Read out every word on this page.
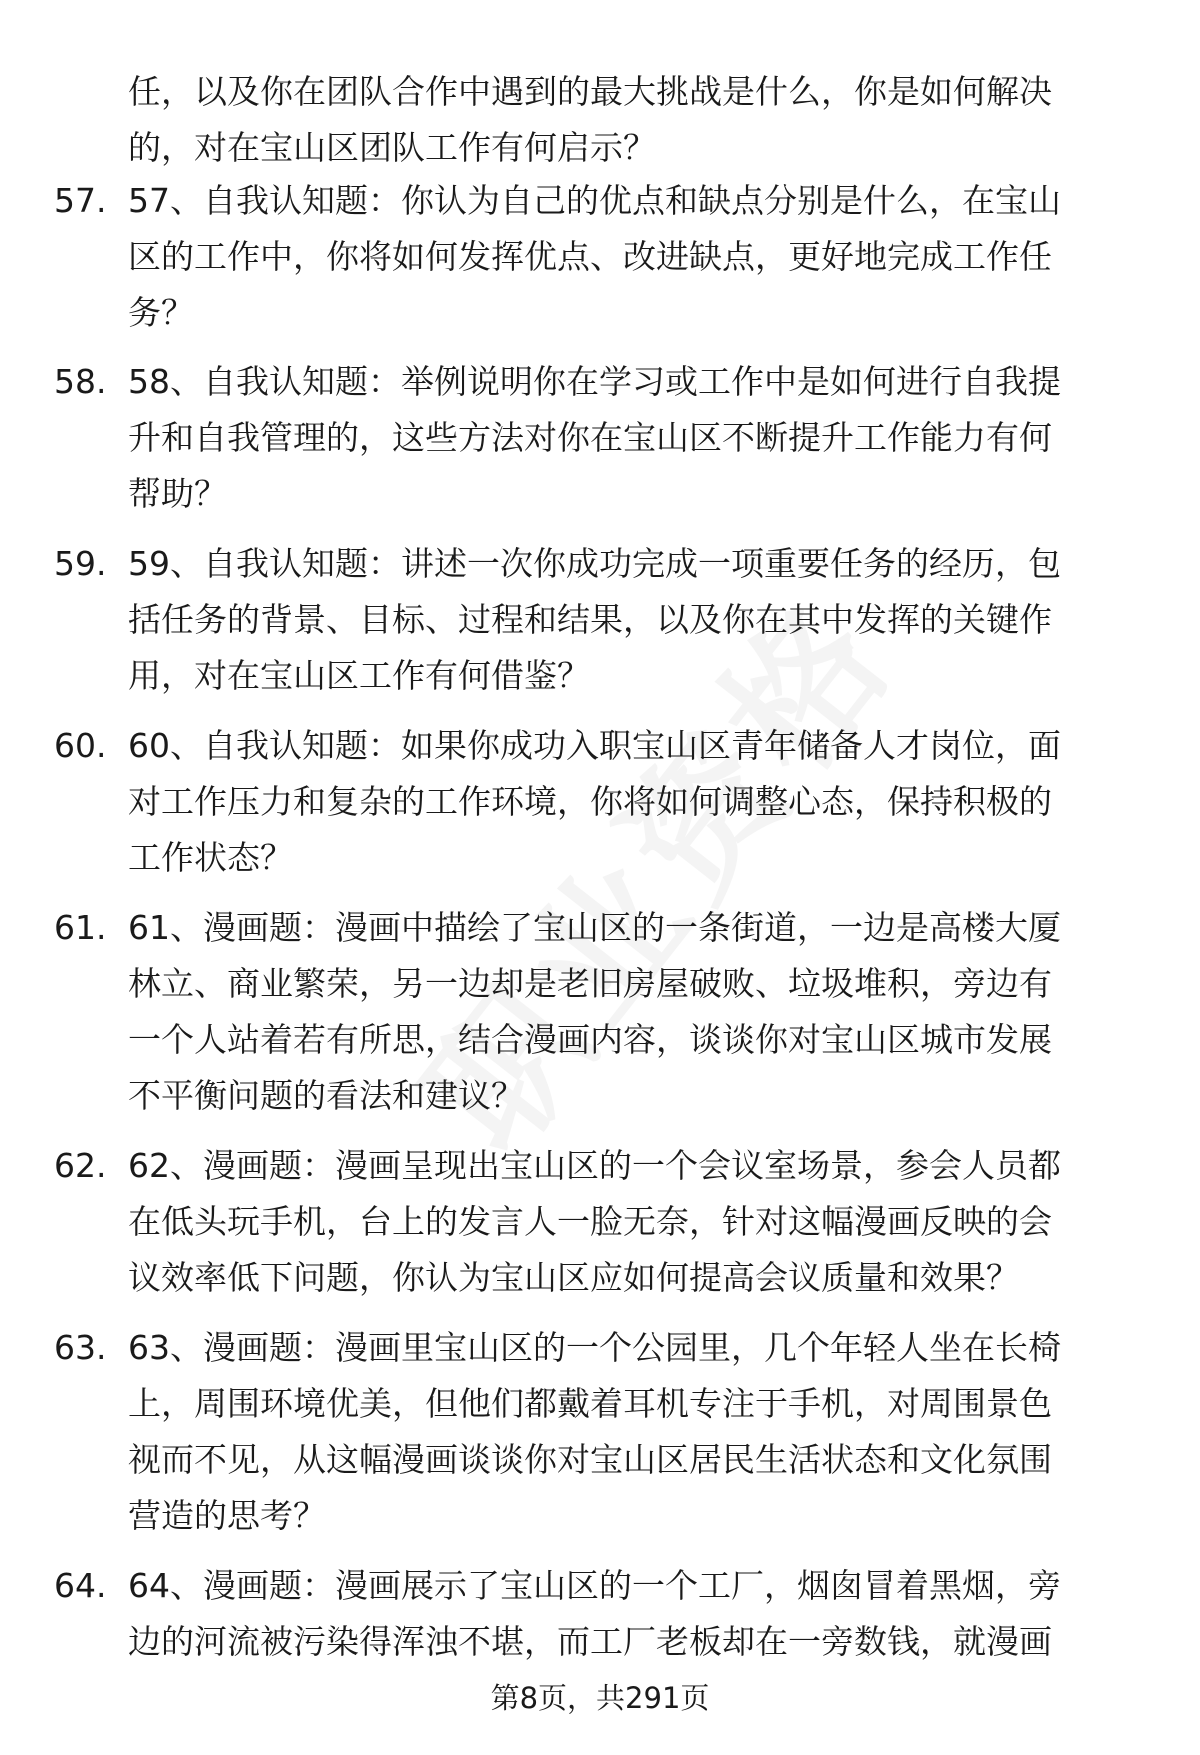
任，以及你在团队合作中遇到的最大挑战是什么，你是如何解决
的，对在宝山区团队工作有何启示？
57. 57、自我认知题：你认为自己的优点和缺点分别是什么，在宝山
区的工作中，你将如何发挥优点、改进缺点，更好地完成工作任
务？
58. 58、自我认知题：举例说明你在学习或工作中是如何进行自我提
升和自我管理的，这些方法对你在宝山区不断提升工作能力有何
帮助？
59. 59、自我认知题：讲述一次你成功完成一项重要任务的经历，包
括任务的背景、目标、过程和结果，以及你在其中发挥的关键作
用，对在宝山区工作有何借鉴？
60. 60、自我认知题：如果你成功入职宝山区青年储备人才岗位，面
对工作压力和复杂的工作环境，你将如何调整心态，保持积极的
工作状态？
61. 61、漫画题：漫画中描绘了宝山区的一条街道，一边是高楼大厦
林立、商业繁荣，另一边却是老旧房屋破败、垃圾堆积，旁边有
一个人站着若有所思，结合漫画内容，谈谈你对宝山区城市发展
不平衡问题的看法和建议？
62. 62、漫画题：漫画呈现出宝山区的一个会议室场景，参会人员都
在低头玩手机，台上的发言人一脸无奈，针对这幅漫画反映的会
议效率低下问题，你认为宝山区应如何提高会议质量和效果？
63. 63、漫画题：漫画里宝山区的一个公园里，几个年轻人坐在长椅
上，周围环境优美，但他们都戴着耳机专注于手机，对周围景色
视而不见，从这幅漫画谈谈你对宝山区居民生活状态和文化氛围
营造的思考？
64. 64、漫画题：漫画展示了宝山区的一个工厂，烟囱冒着黑烟，旁
边的河流被污染得浑浊不堪，而工厂老板却在一旁数钱，就漫画
第8页，共291页
